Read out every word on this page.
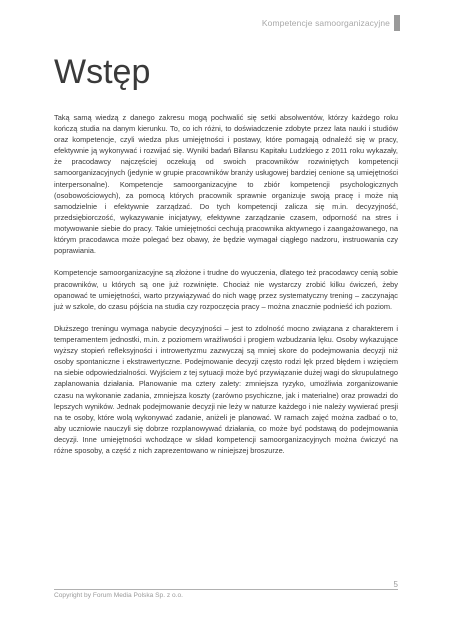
Kompetencje samoorganizacyjne
Wstęp

Taką samą wiedzą z danego zakresu mogą pochwalić się setki absolwentów, którzy każdego roku kończą studia na danym kierunku. To, co ich różni, to doświadczenie zdobyte przez lata nauki i studiów oraz kompetencje, czyli wiedza plus umiejętności i postawy, które pomagają odnaleźć się w pracy, efektywnie ją wykonywać i rozwijać się. Wyniki badań Bilansu Kapitału Ludzkiego z 2011 roku wykazały, że pracodawcy najczęściej oczekują od swoich pracowników rozwiniętych kompetencji samoorganizacyjnych (jedynie w grupie pracowników branży usługowej bardziej cenione są umiejętności interpersonalne). Kompetencje samoorganizacyjne to zbiór kompetencji psychologicznych (osobowościowych), za pomocą których pracownik sprawnie organizuje swoją pracę i może nią samodzielnie i efektywnie zarządzać. Do tych kompetencji zalicza się m.in. decyzyjność, przedsiębiorczość, wykazywanie inicjatywy, efektywne zarządzanie czasem, odporność na stres i motywowanie siebie do pracy. Takie umiejętności cechują pracownika aktywnego i zaangażowanego, na którym pracodawca może polegać bez obawy, że będzie wymagał ciągłego nadzoru, instruowania czy poprawiania.

Kompetencje samoorganizacyjne są złożone i trudne do wyuczenia, dlatego też pracodawcy cenią sobie pracowników, u których są one już rozwinięte. Chociaż nie wystarczy zrobić kilku ćwiczeń, żeby opanować te umiejętności, warto przywiązywać do nich wagę przez systematyczny trening – zaczynając już w szkole, do czasu pójścia na studia czy rozpoczęcia pracy – można znacznie podnieść ich poziom.

Dłuższego treningu wymaga nabycie decyzyjności – jest to zdolność mocno związana z charakterem i temperamentem jednostki, m.in. z poziomem wrażliwości i progiem wzbudzania lęku. Osoby wykazujące wyższy stopień refleksyjności i introwertyzmu zazwyczaj są mniej skore do podejmowania decyzji niż osoby spontaniczne i ekstrawertyczne. Podejmowanie decyzji często rodzi lęk przed błędem i wzięciem na siebie odpowiedzialności. Wyjściem z tej sytuacji może być przywiązanie dużej wagi do skrupulatnego zaplanowania działania. Planowanie ma cztery zalety: zmniejsza ryzyko, umożliwia zorganizowanie czasu na wykonanie zadania, zmniejsza koszty (zarówno psychiczne, jak i materialne) oraz prowadzi do lepszych wyników. Jednak podejmowanie decyzji nie leży w naturze każdego i nie należy wywierać presji na te osoby, które wolą wykonywać zadanie, aniżeli je planować. W ramach zajęć można zadbać o to, aby uczniowie nauczyli się dobrze rozplanowywać działania, co może być podstawą do podejmowania decyzji. Inne umiejętności wchodzące w skład kompetencji samoorganizacyjnych można ćwiczyć na różne sposoby, a część z nich zaprezentowano w niniejszej broszurze.

5
Copyright by Forum Media Polska Sp. z o.o.
